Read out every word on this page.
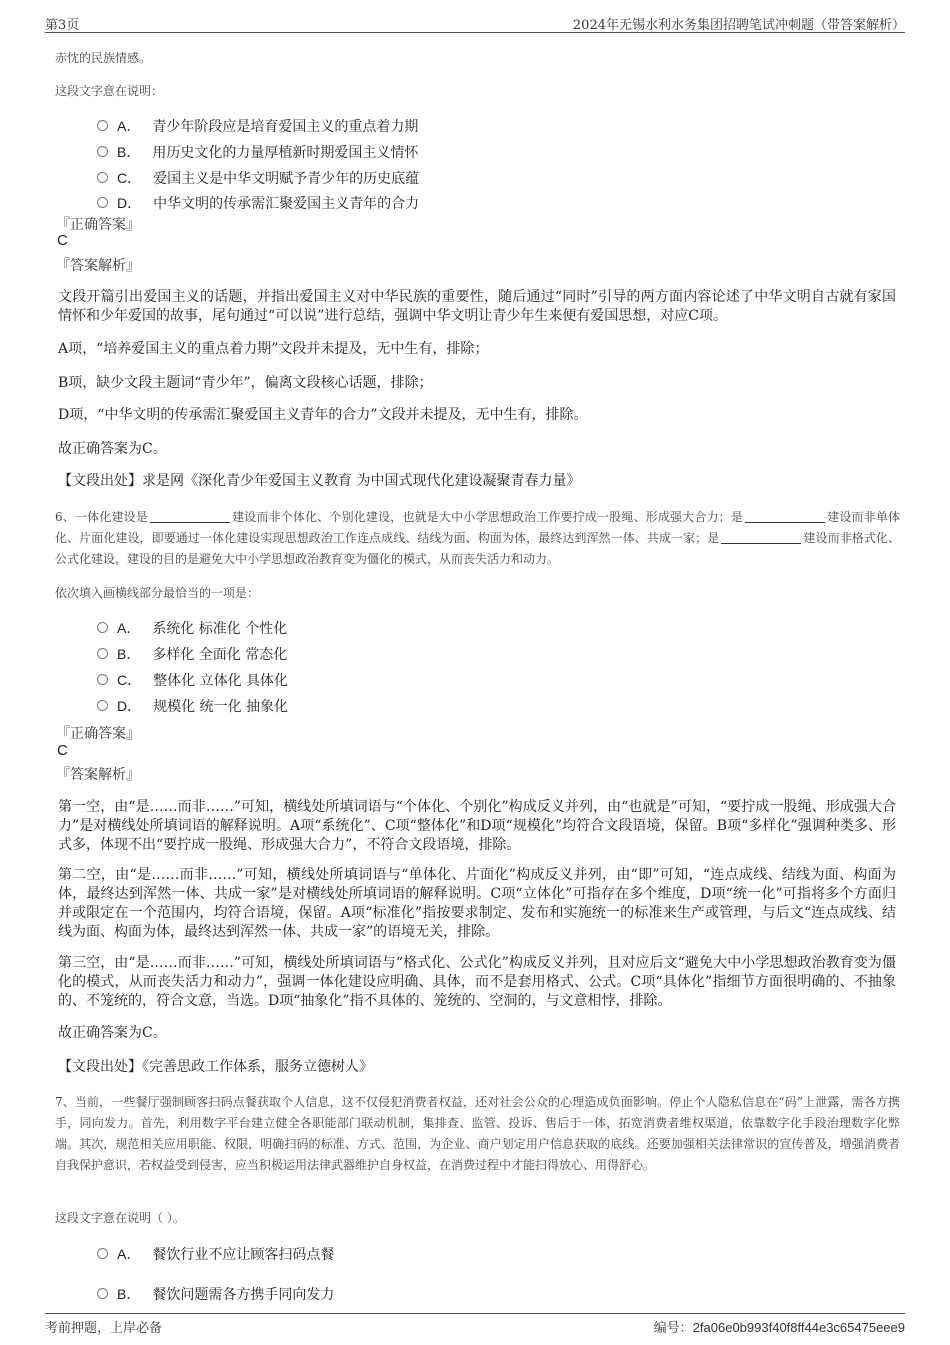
第3页	2024年无锡水利水务集团招聘笔试冲刺题（带答案解析）
赤忱的民族情感。
这段文字意在说明：
A． 青少年阶段应是培育爱国主义的重点着力期
B． 用历史文化的力量厚植新时期爱国主义情怀
C． 爱国主义是中华文明赋予青少年的历史底蕴
D． 中华文明的传承需汇聚爱国主义青年的合力
『正确答案』
C
『答案解析』
文段开篇引出爱国主义的话题，并指出爱国主义对中华民族的重要性，随后通过“同时”引导的两方面内容论述了中华文明自古就有家国情怀和少年爱国的故事，尾句通过“可以说”进行总结，强调中华文明让青少年生来便有爱国思想，对应C项。
A项，“培养爱国主义的重点着力期”文段并未提及，无中生有，排除；
B项，缺少文段主题词“青少年”，偏离文段核心话题，排除；
D项，“中华文明的传承需汇聚爱国主义青年的合力”文段并未提及，无中生有，排除。
故正确答案为C。
【文段出处】求是网《深化青少年爱国主义教育 为中国式现代化建设凝聚青春力量》
6、一体化建设是	建设而非个体化、个别化建设，也就是大中小学思想政治工作要拧成一股绳、形成强大合力；是	建设而非单体化、片面化建设，即要通过一体化建设实现思想政治工作连点成线、结线为面、构面为体，最终达到浑然一体、共成一家；是	建设而非格式化、公式化建设，建设的目的是避免大中小学思想政治教育变为僵化的模式，从而丧失活力和动力。
依次填入画横线部分最恰当的一项是：
A． 系统化 标准化 个性化
B． 多样化 全面化 常态化
C． 整体化 立体化 具体化
D． 规模化 统一化 抽象化
『正确答案』
C
『答案解析』
第一空，由“是……而非……”可知，横线处所填词语与“个体化、个别化”构成反义并列，由“也就是”可知，“要拧成一股绳、形成强大合力”是对横线处所填词语的解释说明。A项“系统化”、C项“整体化”和D项“规模化”均符合文段语境，保留。B项“多样化”强调种类多、形式多，体现不出“要拧成一股绳、形成强大合力”，不符合文段语境，排除。
第二空，由“是……而非……”可知，横线处所填词语与“单体化、片面化”构成反义并列，由“即”可知，“连点成线、结线为面、构面为体，最终达到浑然一体、共成一家”是对横线处所填词语的解释说明。C项“立体化”可指存在多个维度，D项“统一化”可指将多个方面归并或限定在一个范围内，均符合语境，保留。A项“标准化”指按要求制定、发布和实施统一的标准来生产或管理，与后文“连点成线、结线为面、构面为体，最终达到浑然一体、共成一家”的语境无关，排除。
第三空，由“是……而非……”可知，横线处所填词语与“格式化、公式化”构成反义并列，且对应后文“避免大中小学思想政治教育变为僵化的模式，从而丧失活力和动力”，强调一体化建设应明确、具体，而不是套用格式、公式。C项“具体化”指细节方面很明确的、不抽象的、不笼统的，符合文意，当选。D项“抽象化”指不具体的、笼统的、空洞的，与文意相悖，排除。
故正确答案为C。
【文段出处】《完善思政工作体系，服务立德树人》
7、当前，一些餐厅强制顾客扫码点餐获取个人信息，这不仅侵犯消费者权益，还对社会公众的心理造成负面影响。停止个人隐私信息在“码”上泄露，需各方携手，同向发力。首先，利用数字平台建立健全各职能部门联动机制，集排查、监管、投诉、售后于一体，拓宽消费者维权渠道，依靠数字化手段治理数字化弊端。其次，规范相关应用职能、权限，明确扫码的标准、方式、范围，为企业、商户划定用户信息获取的底线。还要加强相关法律常识的宣传普及，增强消费者自我保护意识，若权益受到侵害，应当积极运用法律武器维护自身权益，在消费过程中才能扫得放心、用得舒心。
这段文字意在说明（ ）。
A． 餐饮行业不应让顾客扫码点餐
B． 餐饮问题需各方携手同向发力
考前押题，上岸必备	编号：2fa06e0b993f40f8ff44e3c65475eee9
